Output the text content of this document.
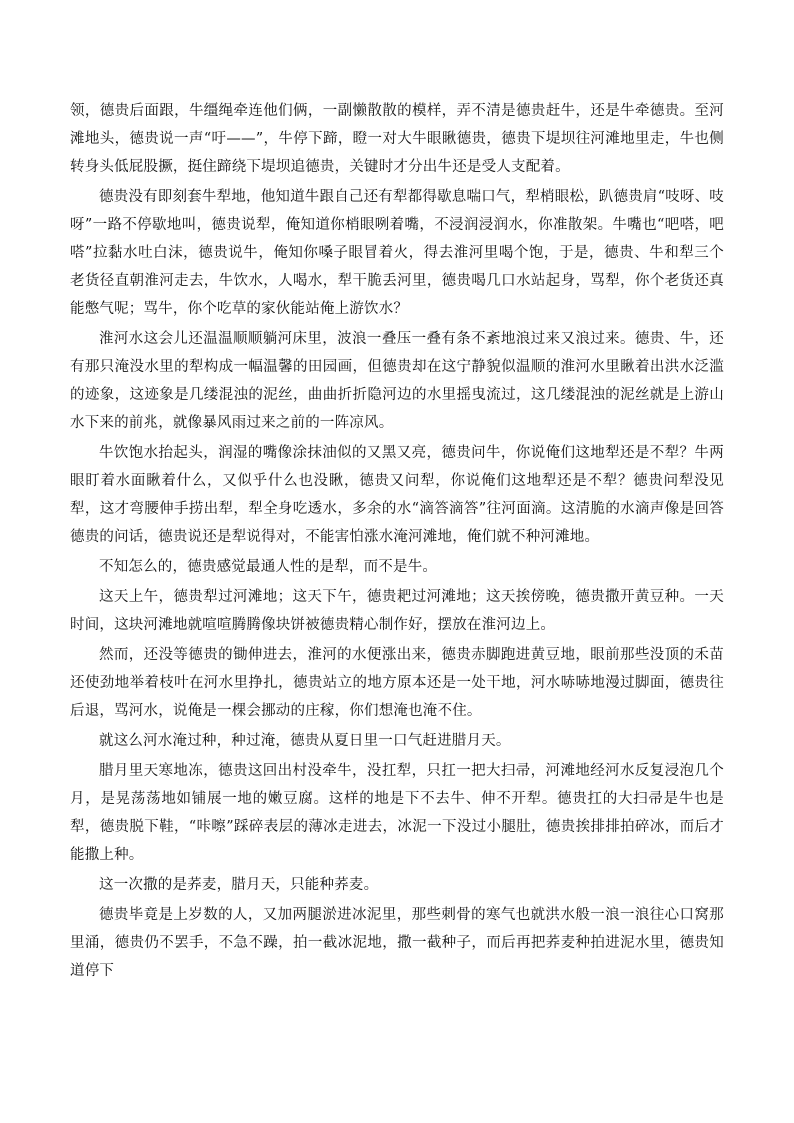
领，德贵后面跟，牛缰绳牵连他们俩，一副懒散散的模样，弄不清是德贵赶牛，还是牛牵德贵。至河滩地头，德贵说一声“吁——”，牛停下蹄，瞪一对大牛眼瞅德贵，德贵下堤坝往河滩地里走，牛也侧转身头低屁股撅，挺住蹄绕下堤坝追德贵，关键时才分出牛还是受人支配着。

德贵没有即刻套牛犁地，他知道牛跟自己还有犁都得歇息喘口气，犁梢眼松，趴德贵肩“吱呀、吱呀”一路不停歇地叫，德贵说犁，俺知道你梢眼咧着嘴，不浸润浸润水，你准散架。牛嘴也“吧嗒，吧嗒”拉黏水吐白沫，德贵说牛，俺知你嗓子眼冒着火，得去淮河里喝个饱，于是，德贵、牛和犁三个老货径直朝淮河走去，牛饮水，人喝水，犁干脆丢河里，德贵喝几口水站起身，骂犁，你个老货还真能憋气呢；骂牛，你个吃草的家伙能站俺上游饮水？

淮河水这会儿还温温顺顺躺河床里，波浪一叠压一叠有条不紊地浪过来又浪过来。德贵、牛，还有那只淹没水里的犁构成一幅温馨的田园画，但德贵却在这宁静貌似温顺的淮河水里瞅着出洪水泛滥的迹象，这迹象是几缕混浊的泥丝，曲曲折折隐河边的水里摇曳流过，这几缕混浊的泥丝就是上游山水下来的前兆，就像暴风雨过来之前的一阵凉风。

牛饮饱水抬起头，润湿的嘴像涂抹油似的又黑又亮，德贵问牛，你说俺们这地犁还是不犁？牛两眼盯着水面瞅着什么，又似乎什么也没瞅，德贵又问犁，你说俺们这地犁还是不犁？德贵问犁没见犁，这才弯腰伸手捞出犁，犁全身吃透水，多余的水“滴答滴答”往河面滴。这清脆的水滴声像是回答德贵的问话，德贵说还是犁说得对，不能害怕涨水淹河滩地，俺们就不种河滩地。

不知怎么的，德贵感觉最通人性的是犁，而不是牛。

这天上午，德贵犁过河滩地；这天下午，德贵耙过河滩地；这天挨傍晚，德贵撒开黄豆种。一天时间，这块河滩地就喧喧腾腾像块饼被德贵精心制作好，摆放在淮河边上。

然而，还没等德贵的锄伸进去，淮河的水便涨出来，德贵赤脚跑进黄豆地，眼前那些没顶的禾苗还使劲地举着枝叶在河水里挣扎，德贵站立的地方原本还是一处干地，河水哧哧地漫过脚面，德贵往后退，骂河水，说俺是一棵会挪动的庄稼，你们想淹也淹不住。

就这么河水淹过种，种过淹，德贵从夏日里一口气赶进腊月天。

腊月里天寒地冻，德贵这回出村没牵牛，没扛犁，只扛一把大扫帚，河滩地经河水反复浸泡几个月，是晃荡荡地如铺展一地的嫩豆腐。这样的地是下不去牛、伸不开犁。德贵扛的大扫帚是牛也是犁，德贵脱下鞋，“咔嚓”踩碎表层的薄冰走进去，冰泥一下没过小腿肚，德贵挨排排拍碎冰，而后才能撒上种。

这一次撒的是荞麦，腊月天，只能种荞麦。

德贵毕竟是上岁数的人，又加两腿淤进冰泥里，那些刺骨的寒气也就洪水般一浪一浪往心口窝那里涌，德贵仍不罢手，不急不躁，拍一截冰泥地，撒一截种子，而后再把荞麦种拍进泥水里，德贵知道停下
